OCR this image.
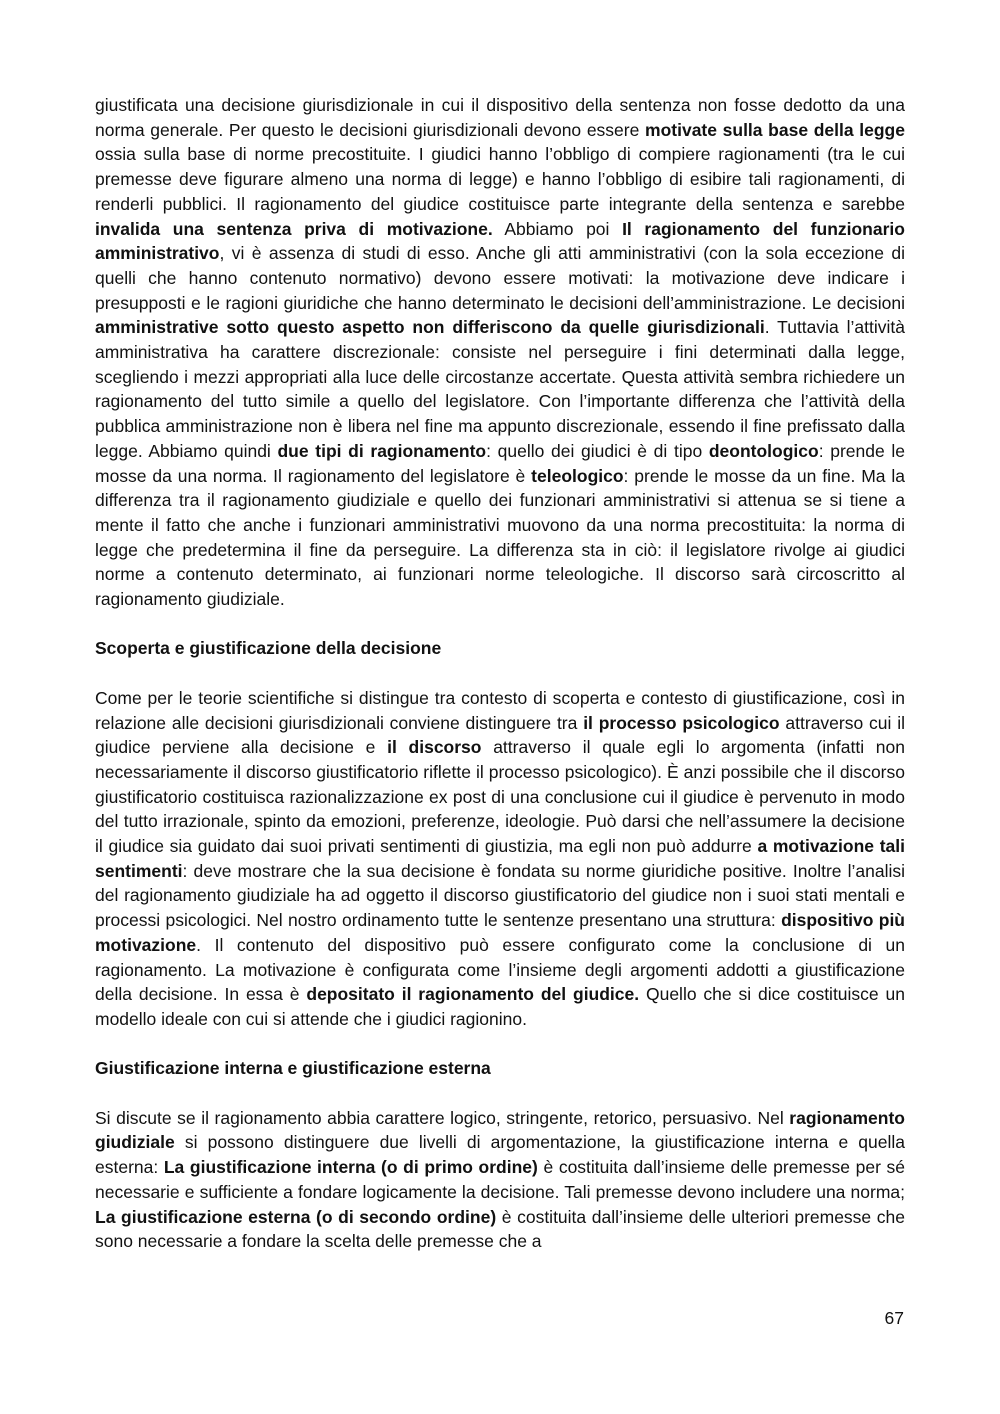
giustificata una decisione giurisdizionale in cui il dispositivo della sentenza non fosse dedotto da una norma generale. Per questo le decisioni giurisdizionali devono essere motivate sulla base della legge ossia sulla base di norme precostituite. I giudici hanno l’obbligo di compiere ragionamenti (tra le cui premesse deve figurare almeno una norma di legge) e hanno l’obbligo di esibire tali ragionamenti, di renderli pubblici. Il ragionamento del giudice costituisce parte integrante della sentenza e sarebbe invalida una sentenza priva di motivazione. Abbiamo poi Il ragionamento del funzionario amministrativo, vi è assenza di studi di esso. Anche gli atti amministrativi (con la sola eccezione di quelli che hanno contenuto normativo) devono essere motivati: la motivazione deve indicare i presupposti e le ragioni giuridiche che hanno determinato le decisioni dell’amministrazione. Le decisioni amministrative sotto questo aspetto non differiscono da quelle giurisdizionali. Tuttavia l’attività amministrativa ha carattere discrezionale: consiste nel perseguire i fini determinati dalla legge, scegliendo i mezzi appropriati alla luce delle circostanze accertate. Questa attività sembra richiedere un ragionamento del tutto simile a quello del legislatore. Con l’importante differenza che l’attività della pubblica amministrazione non è libera nel fine ma appunto discrezionale, essendo il fine prefissato dalla legge. Abbiamo quindi due tipi di ragionamento: quello dei giudici è di tipo deontologico: prende le mosse da una norma. Il ragionamento del legislatore è teleologico: prende le mosse da un fine. Ma la differenza tra il ragionamento giudiziale e quello dei funzionari amministrativi si attenua se si tiene a mente il fatto che anche i funzionari amministrativi muovono da una norma precostituita: la norma di legge che predetermina il fine da perseguire. La differenza sta in ciò: il legislatore rivolge ai giudici norme a contenuto determinato, ai funzionari norme teleologiche. Il discorso sarà circoscritto al ragionamento giudiziale.

Scoperta e giustificazione della decisione

Come per le teorie scientifiche si distingue tra contesto di scoperta e contesto di giustificazione, così in relazione alle decisioni giurisdizionali conviene distinguere tra il processo psicologico attraverso cui il giudice perviene alla decisione e il discorso attraverso il quale egli lo argomenta (infatti non necessariamente il discorso giustificatorio riflette il processo psicologico). È anzi possibile che il discorso giustificatorio costituisca razionalizzazione ex post di una conclusione cui il giudice è pervenuto in modo del tutto irrazionale, spinto da emozioni, preferenze, ideologie. Può darsi che nell’assumere la decisione il giudice sia guidato dai suoi privati sentimenti di giustizia, ma egli non può addurre a motivazione tali sentimenti: deve mostrare che la sua decisione è fondata su norme giuridiche positive. Inoltre l’analisi del ragionamento giudiziale ha ad oggetto il discorso giustificatorio del giudice non i suoi stati mentali e processi psicologici. Nel nostro ordinamento tutte le sentenze presentano una struttura: dispositivo più motivazione. Il contenuto del dispositivo può essere configurato come la conclusione di un ragionamento. La motivazione è configurata come l’insieme degli argomenti addotti a giustificazione della decisione. In essa è depositato il ragionamento del giudice. Quello che si dice costituisce un modello ideale con cui si attende che i giudici ragionino.

Giustificazione interna e giustificazione esterna

Si discute se il ragionamento abbia carattere logico, stringente, retorico, persuasivo. Nel ragionamento giudiziale si possono distinguere due livelli di argomentazione, la giustificazione interna e quella esterna: La giustificazione interna (o di primo ordine) è costituita dall’insieme delle premesse per sé necessarie e sufficiente a fondare logicamente la decisione. Tali premesse devono includere una norma; La giustificazione esterna (o di secondo ordine) è costituita dall’insieme delle ulteriori premesse che sono necessarie a fondare la scelta delle premesse che a

67
